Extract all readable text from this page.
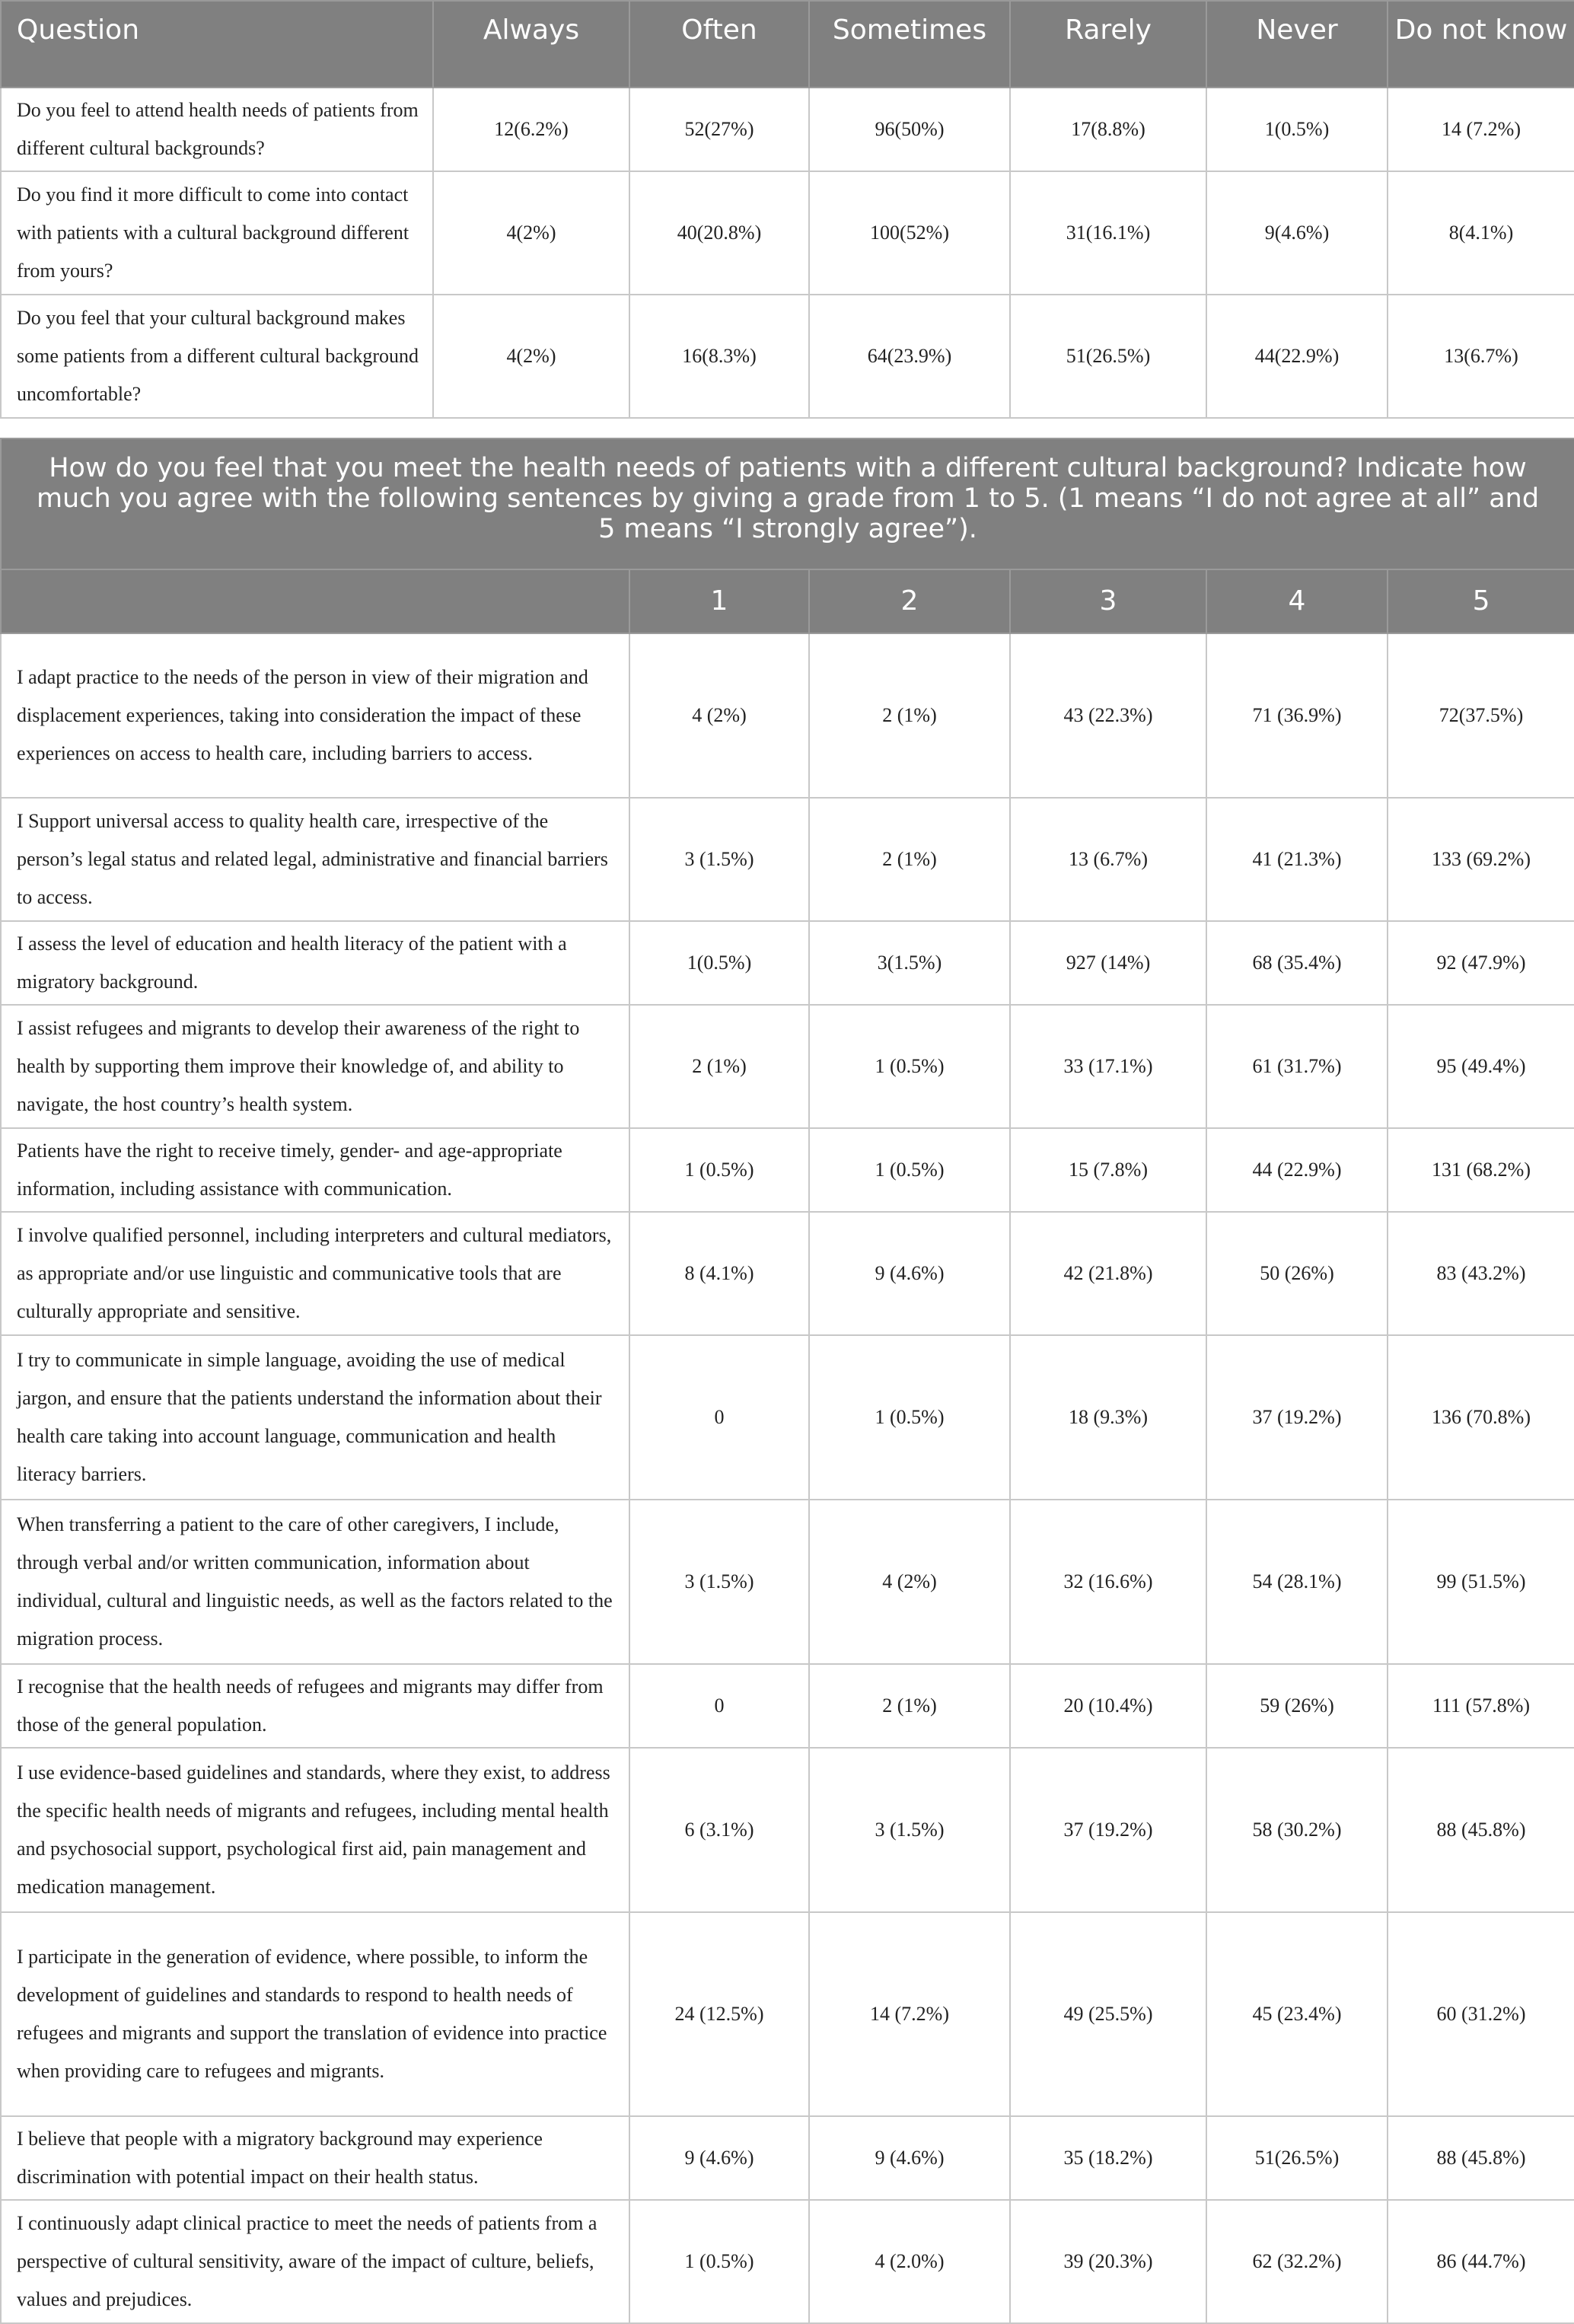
Question	Always	Often	Sometimes	Rarely	Never	Do not know
Do you feel to attend health needs of patients from different cultural backgrounds?	12(6.2%)	52(27%)	96(50%)	17(8.8%)	1(0.5%)	14 (7.2%)
Do you find it more difficult to come into contact with patients with a cultural background different from yours?	4(2%)	40(20.8%)	100(52%)	31(16.1%)	9(4.6%)	8(4.1%)
Do you feel that your cultural background makes some patients from a different cultural background uncomfortable?	4(2%)	16(8.3%)	64(23.9%)	51(26.5%)	44(22.9%)	13(6.7%)
How do you feel that you meet the health needs of patients with a different cultural background? Indicate how much you agree with the following sentences by giving a grade from 1 to 5. (1 means “I do not agree at all” and 5 means “I strongly agree”).					
	1	2	3	4	5
I adapt practice to the needs of the person in view of their migration and displacement experiences, taking into consideration the impact of these experiences on access to health care, including barriers to access.	4 (2%)	2 (1%)	43 (22.3%)	71 (36.9%)	72(37.5%)
I Support universal access to quality health care, irrespective of the person’s legal status and related legal, administrative and financial barriers to access.	3 (1.5%)	2 (1%)	13 (6.7%)	41 (21.3%)	133 (69.2%)
I assess the level of education and health literacy of the patient with a migratory background.	1(0.5%)	3(1.5%)	927 (14%)	68 (35.4%)	92 (47.9%)
I assist refugees and migrants to develop their awareness of the right to health by supporting them improve their knowledge of, and ability to navigate, the host country’s health system.	2 (1%)	1 (0.5%)	33 (17.1%)	61 (31.7%)	95 (49.4%)
Patients have the right to receive timely, gender- and age-appropriate information, including assistance with communication.	1 (0.5%)	1 (0.5%)	15 (7.8%)	44 (22.9%)	131 (68.2%)
I involve qualified personnel, including interpreters and cultural mediators, as appropriate and/or use linguistic and communicative tools that are culturally appropriate and sensitive.	8 (4.1%)	9 (4.6%)	42 (21.8%)	50 (26%)	83 (43.2%)
I try to communicate in simple language, avoiding the use of medical jargon, and ensure that the patients understand the information about their health care taking into account language, communication and health literacy barriers.	0	1 (0.5%)	18 (9.3%)	37 (19.2%)	136 (70.8%)
When transferring a patient to the care of other caregivers, I include, through verbal and/or written communication, information about individual, cultural and linguistic needs, as well as the factors related to the migration process.	3 (1.5%)	4 (2%)	32 (16.6%)	54 (28.1%)	99 (51.5%)
I recognise that the health needs of refugees and migrants may differ from those of the general population.	0	2 (1%)	20 (10.4%)	59 (26%)	111 (57.8%)
I use evidence-based guidelines and standards, where they exist, to address the specific health needs of migrants and refugees, including mental health and psychosocial support, psychological first aid, pain management and medication management.	6 (3.1%)	3 (1.5%)	37 (19.2%)	58 (30.2%)	88 (45.8%)
I participate in the generation of evidence, where possible, to inform the development of guidelines and standards to respond to health needs of refugees and migrants and support the translation of evidence into practice when providing care to refugees and migrants.	24 (12.5%)	14 (7.2%)	49 (25.5%)	45 (23.4%)	60 (31.2%)
I believe that people with a migratory background may experience discrimination with potential impact on their health status.	9 (4.6%)	9 (4.6%)	35 (18.2%)	51(26.5%)	88 (45.8%)
I continuously adapt clinical practice to meet the needs of patients from a perspective of cultural sensitivity, aware of the impact of culture, beliefs, values and prejudices.	1 (0.5%)	4 (2.0%)	39 (20.3%)	62 (32.2%)	86 (44.7%)
